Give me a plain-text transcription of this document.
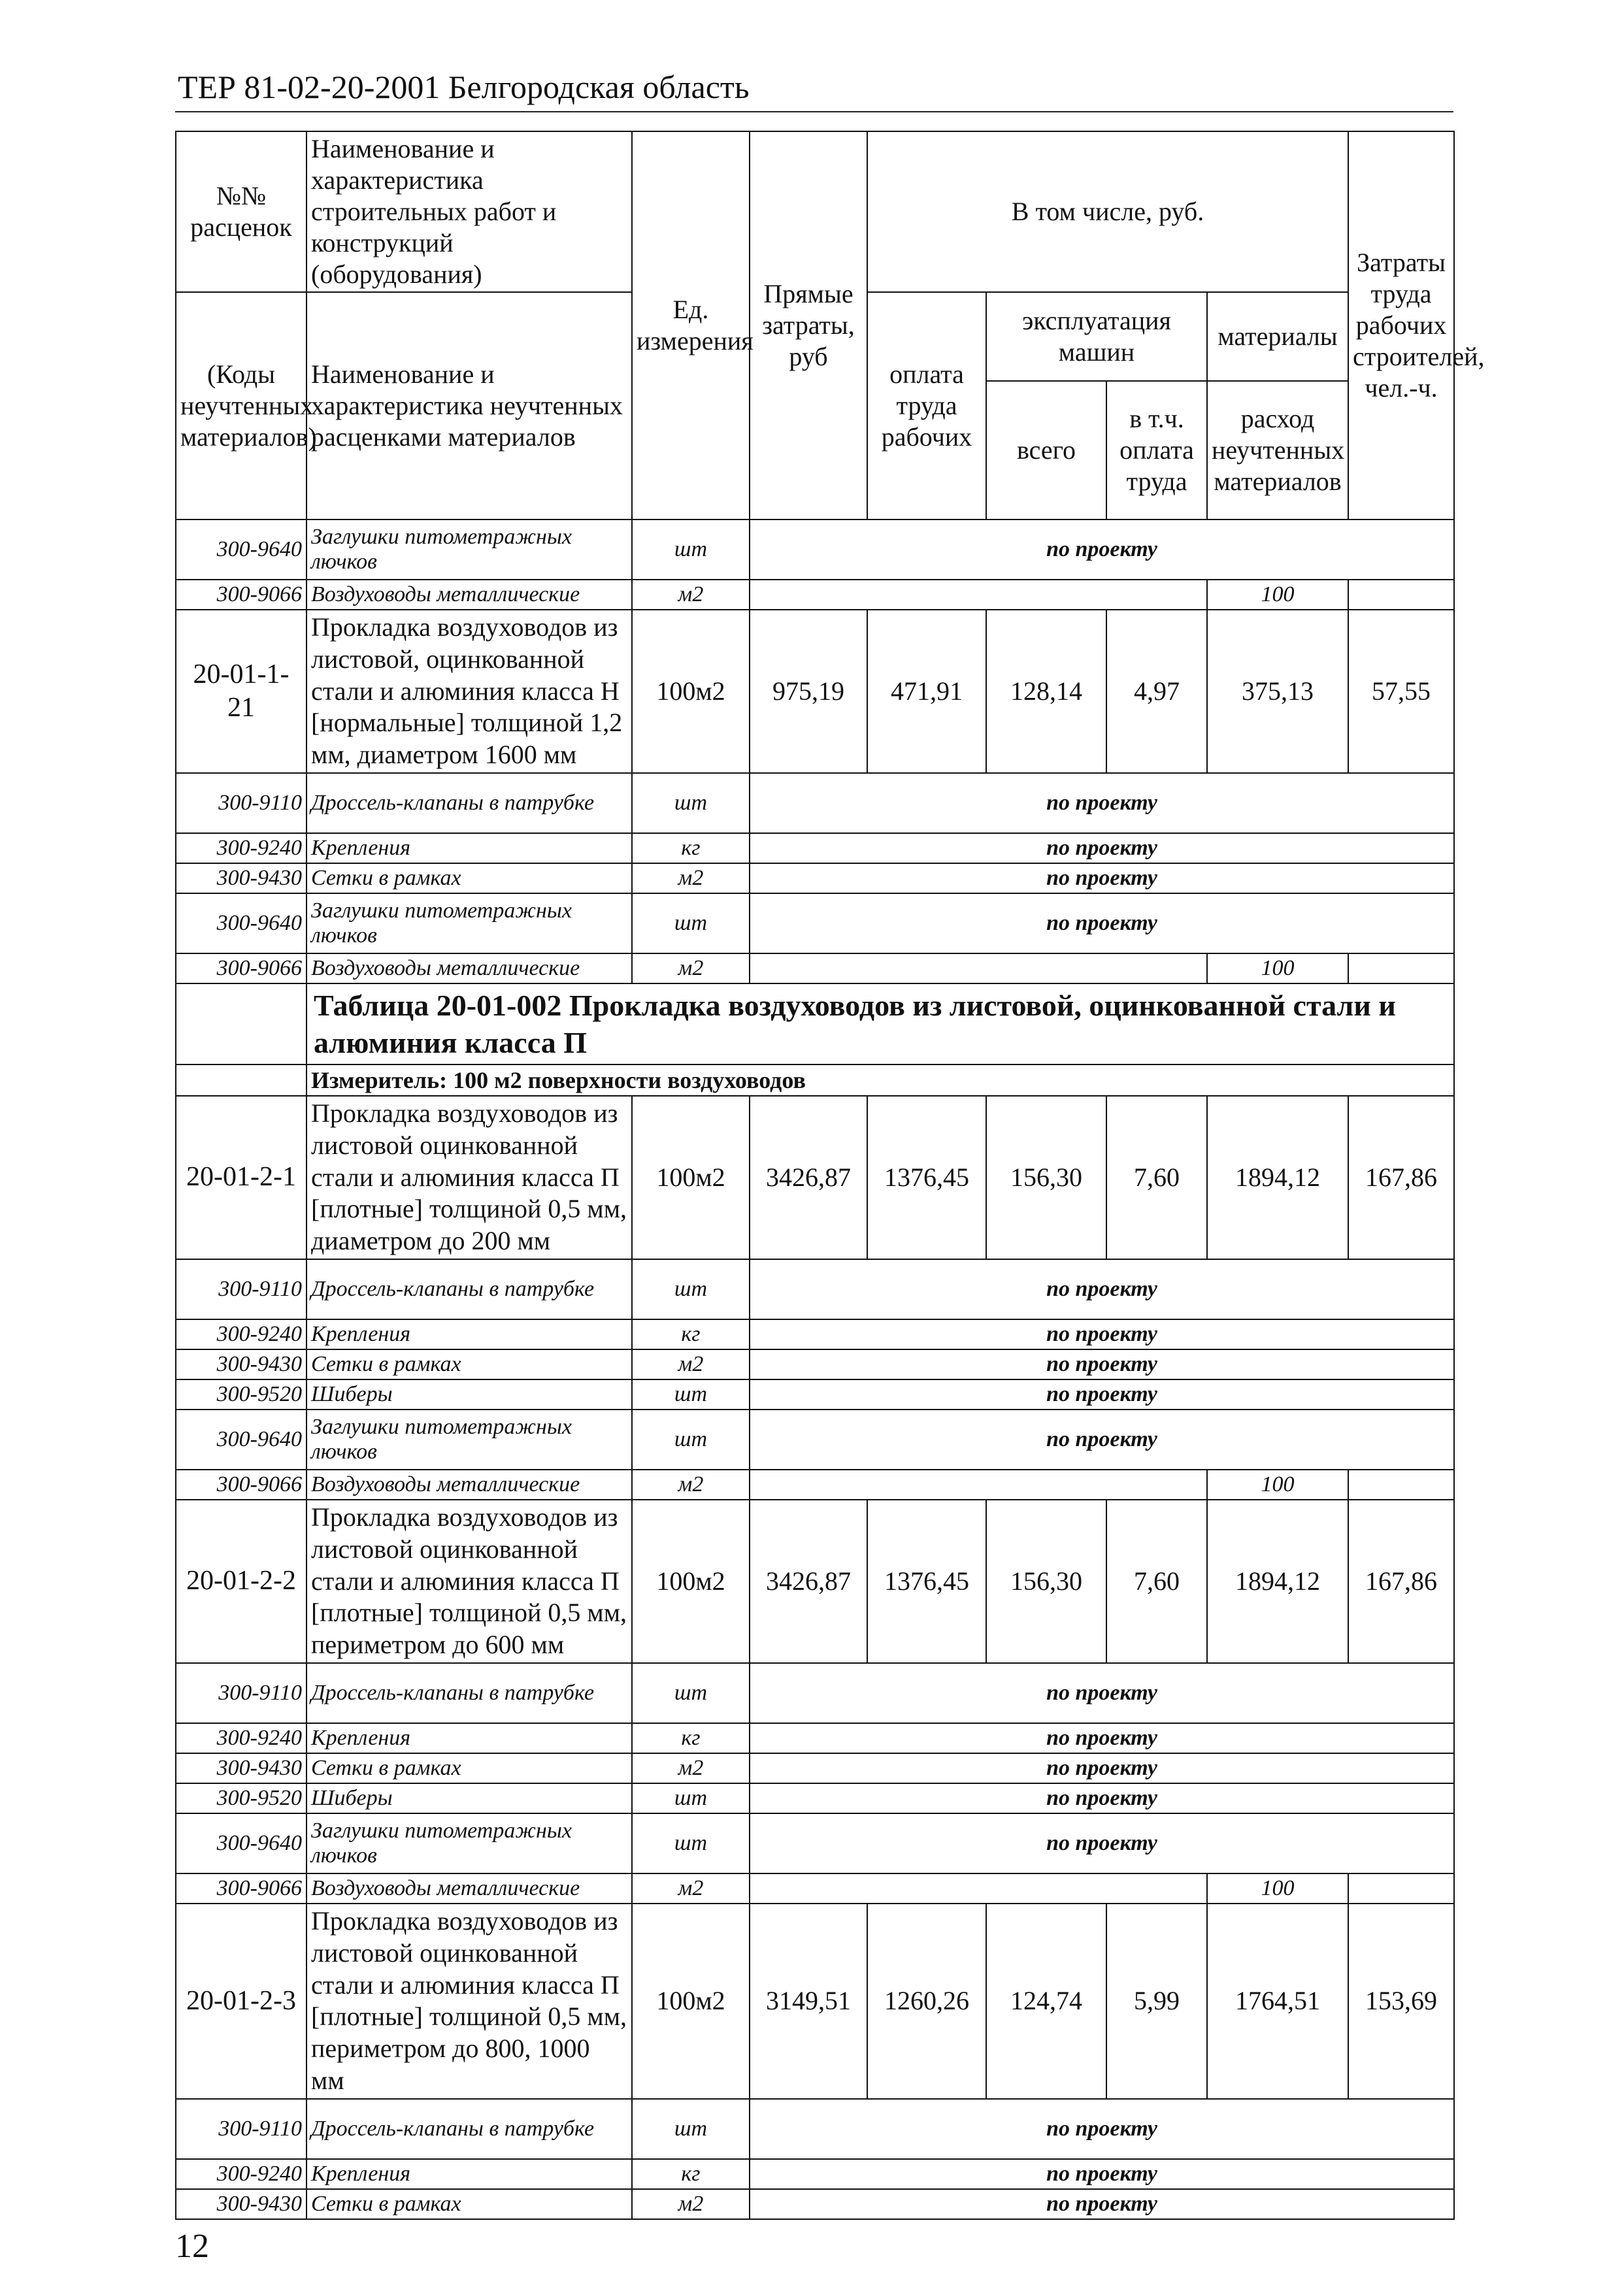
ТЕР 81-02-20-2001 Белгородская область
№№ расценок	Наименование и характеристика строительных работ и конструкций (оборудования)	Ед. измерения	Прямые затраты, руб	В том числе, руб.				Затраты труда рабочих строителей, чел.-ч.
(Коды неучтенных материалов)	Наименование и характеристика неучтенных расценками материалов			оплата труда рабочих	эксплуатация машин		материалы	
					всего	в т.ч. оплата труда	расход неучтенных материалов	
300-9640	Заглушки питометражных лючков	шт	по проекту					
300-9066	Воздуховоды металлические	м2					100	
20-01-1-21	Прокладка воздуховодов из листовой, оцинкованной стали и алюминия класса Н [нормальные] толщиной 1,2 мм, диаметром 1600 мм	100м2	975,19	471,91	128,14	4,97	375,13	57,55
300-9110	Дроссель-клапаны в патрубке	шт	по проекту					
300-9240	Крепления	кг	по проекту					
300-9430	Сетки в рамках	м2	по проекту					
300-9640	Заглушки питометражных лючков	шт	по проекту					
300-9066	Воздуховоды металлические	м2					100	
	Таблица 20-01-002 Прокладка воздуховодов из листовой, оцинкованной стали и алюминия класса П							
	Измеритель: 100 м2 поверхности воздуховодов							
20-01-2-1	Прокладка воздуховодов из листовой оцинкованной стали и алюминия класса П [плотные] толщиной 0,5 мм, диаметром до 200 мм	100м2	3426,87	1376,45	156,30	7,60	1894,12	167,86
300-9110	Дроссель-клапаны в патрубке	шт	по проекту					
300-9240	Крепления	кг	по проекту					
300-9430	Сетки в рамках	м2	по проекту					
300-9520	Шиберы	шт	по проекту					
300-9640	Заглушки питометражных лючков	шт	по проекту					
300-9066	Воздуховоды металлические	м2					100	
20-01-2-2	Прокладка воздуховодов из листовой оцинкованной стали и алюминия класса П [плотные] толщиной 0,5 мм, периметром до 600 мм	100м2	3426,87	1376,45	156,30	7,60	1894,12	167,86
300-9110	Дроссель-клапаны в патрубке	шт	по проекту					
300-9240	Крепления	кг	по проекту					
300-9430	Сетки в рамках	м2	по проекту					
300-9520	Шиберы	шт	по проекту					
300-9640	Заглушки питометражных лючков	шт	по проекту					
300-9066	Воздуховоды металлические	м2					100	
20-01-2-3	Прокладка воздуховодов из листовой оцинкованной стали и алюминия класса П [плотные] толщиной 0,5 мм, периметром до 800, 1000 мм	100м2	3149,51	1260,26	124,74	5,99	1764,51	153,69
300-9110	Дроссель-клапаны в патрубке	шт	по проекту					
300-9240	Крепления	кг	по проекту					
300-9430	Сетки в рамках	м2	по проекту					
12
